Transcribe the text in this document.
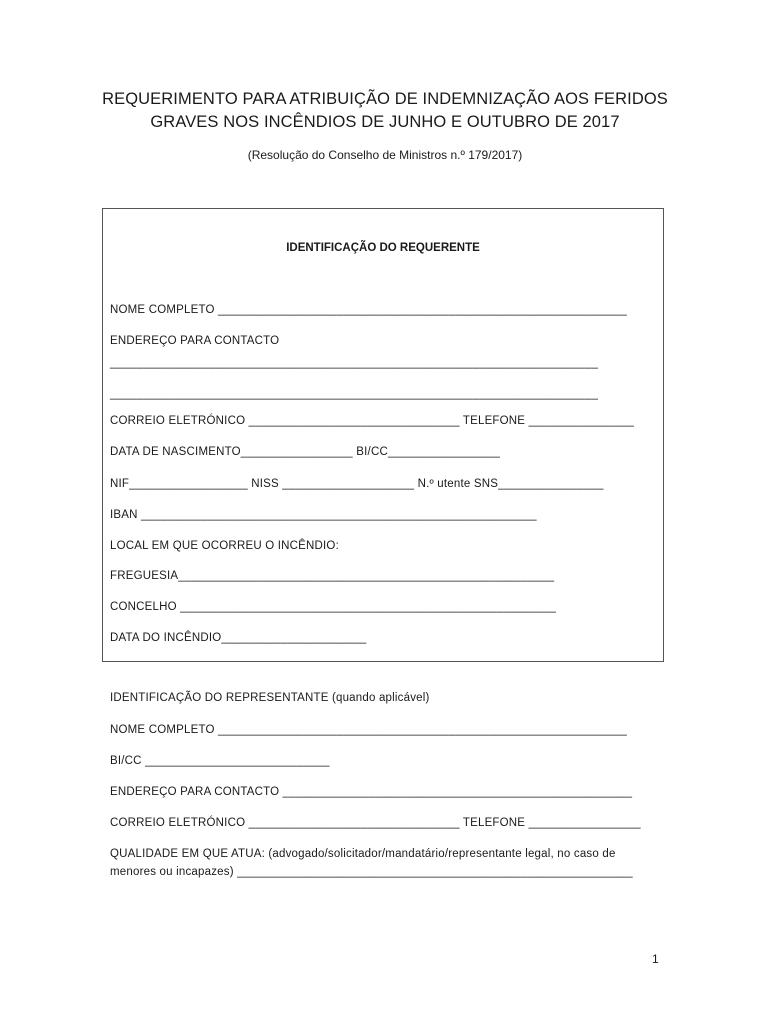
REQUERIMENTO PARA ATRIBUIÇÃO DE INDEMNIZAÇÃO AOS FERIDOS
GRAVES NOS INCÊNDIOS DE JUNHO E OUTUBRO DE 2017
(Resolução do Conselho de Ministros n.º 179/2017)
IDENTIFICAÇÃO DO REQUERENTE
NOME COMPLETO ______________________________________________________________
ENDEREÇO PARA CONTACTO
__________________________________________________________________________
__________________________________________________________________________
CORREIO ELETRÓNICO ________________________________ TELEFONE ________________
DATA DE NASCIMENTO_________________ BI/CC_________________
NIF__________________ NISS ____________________ N.º utente SNS________________
IBAN ____________________________________________________________
LOCAL EM QUE OCORREU O INCÊNDIO:
FREGUESIA_________________________________________________________
CONCELHO _________________________________________________________
DATA DO INCÊNDIO______________________
IDENTIFICAÇÃO DO REPRESENTANTE (quando aplicável)
NOME COMPLETO ______________________________________________________________
BI/CC ____________________________
ENDEREÇO PARA CONTACTO _____________________________________________________
CORREIO ELETRÓNICO ________________________________ TELEFONE _________________
QUALIDADE EM QUE ATUA: (advogado/solicitador/mandatário/representante legal, no caso de
menores ou incapazes) ____________________________________________________________
1
